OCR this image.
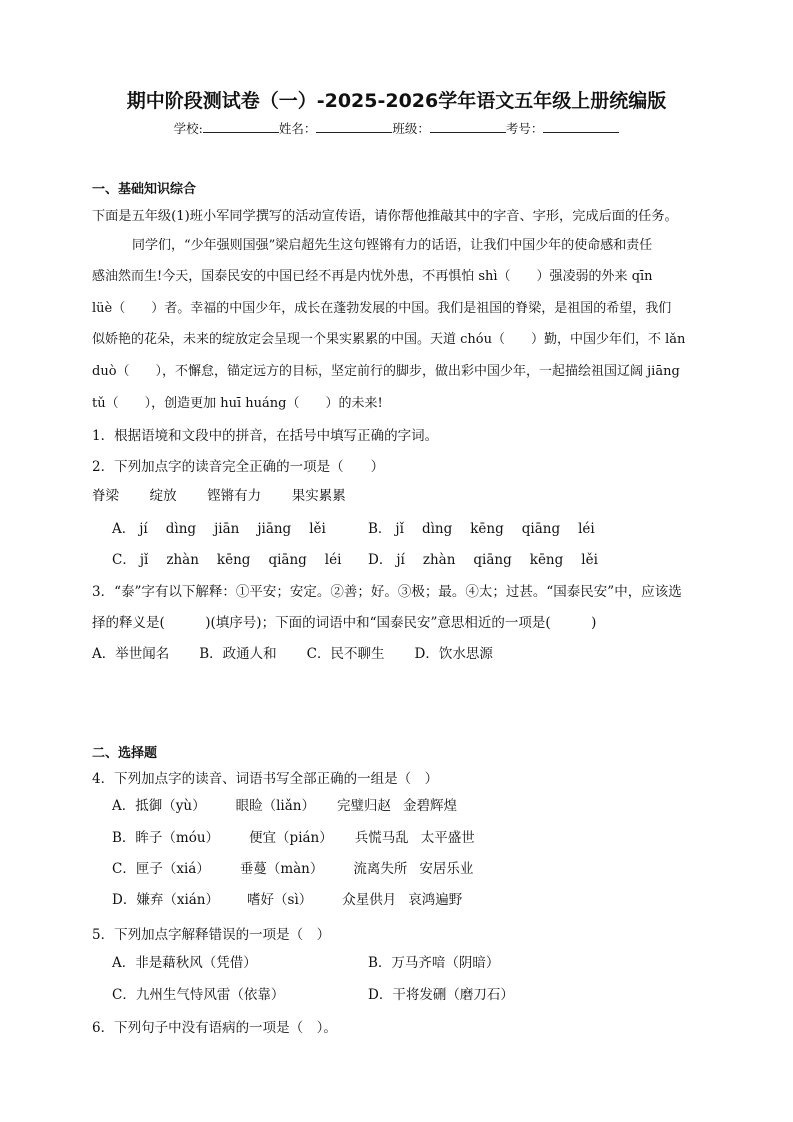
期中阶段测试卷（一）-2025-2026学年语文五年级上册统编版
学校:	姓名：	班级：	考号：
一、基础知识综合
下面是五年级(1)班小军同学撰写的活动宣传语，请你帮他推敲其中的字音、字形，完成后面的任务。
同学们，“少年强则国强”梁启超先生这句铿锵有力的话语，让我们中国少年的使命感和责任
感油然而生!今天，国泰民安的中国已经不再是内忧外患，不再惧怕 shì（　　）强凌弱的外来 qīn
lüè（　　）者。幸福的中国少年，成长在蓬勃发展的中国。我们是祖国的脊梁，是祖国的希望，我们
似娇艳的花朵，未来的绽放定会呈现一个果实累累的中国。天道 chóu（　　）勤，中国少年们，不 lǎn
duò（　　），不懈怠，锚定远方的目标，坚定前行的脚步，做出彩中国少年，一起描绘祖国辽阔 jiāng
tǔ（　　），创造更加 huī huáng（　　）的未来!
1．根据语境和文段中的拼音，在括号中填写正确的字词。
2．下列加点字的读音完全正确的一项是（　　）
脊梁 绽放 铿锵有力 果实累累
A． jí dìng jiān jiāng lěi	B． jǐ dìng kēng qiāng léi
C． jǐ zhàn kēng qiāng léi D． jí zhàn qiāng kēng lěi
3．“泰”字有以下解释：①平安；安定。②善；好。③极；最。④太；过甚。“国泰民安”中，应该选
择的释义是(　　　)(填序号)；下面的词语中和“国泰民安”意思相近的一项是(　　　)
A．举世闻名 B．政通人和 C．民不聊生 D．饮水思源
二、选择题
4．下列加点字的读音、词语书写全部正确的一组是（　）
A．抵御（yù） 眼睑（liǎn） 完璧归赵 金碧辉煌
B．眸子（móu） 便宜（pián） 兵慌马乱 太平盛世
C．匣子（xiá） 垂蔓（màn） 流离失所 安居乐业
D．嫌弃（xián） 嗜好（sì） 众星供月 哀鸿遍野
5．下列加点字解释错误的一项是（　）
A．非是藉秋风（凭借）	B．万马齐喑（阴暗）
C．九州生气恃风雷（依靠）	D．干将发硎（磨刀石）
6．下列句子中没有语病的一项是（　）。
